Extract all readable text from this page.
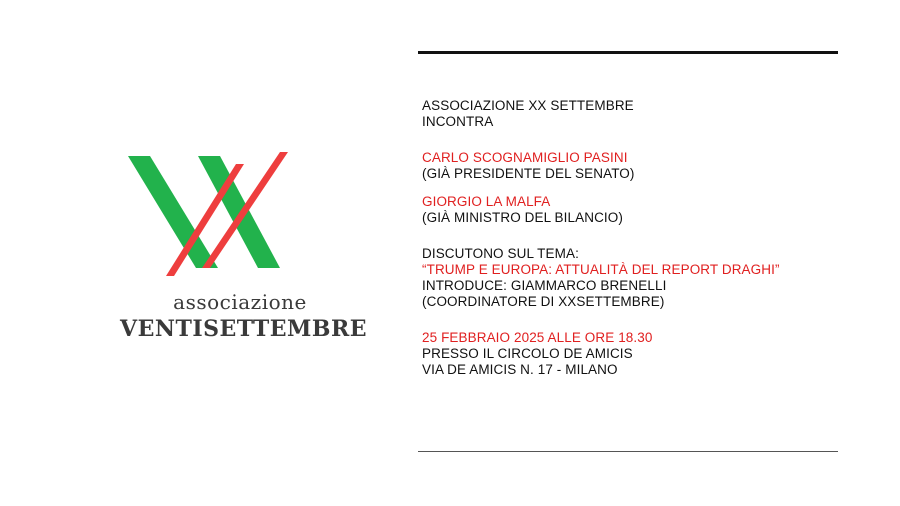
associazione
VENTISETTEMBRE
ASSOCIAZIONE XX SETTEMBRE
INCONTRA
CARLO SCOGNAMIGLIO PASINI
(GIÀ PRESIDENTE DEL SENATO)
GIORGIO LA MALFA
(GIÀ MINISTRO DEL BILANCIO)
DISCUTONO SUL TEMA:
“TRUMP E EUROPA: ATTUALITÀ DEL REPORT DRAGHI”
INTRODUCE: GIAMMARCO BRENELLI
(COORDINATORE DI XXSETTEMBRE)
25 FEBBRAIO 2025 ALLE ORE 18.30
PRESSO IL CIRCOLO DE AMICIS
VIA DE AMICIS N. 17 - MILANO
